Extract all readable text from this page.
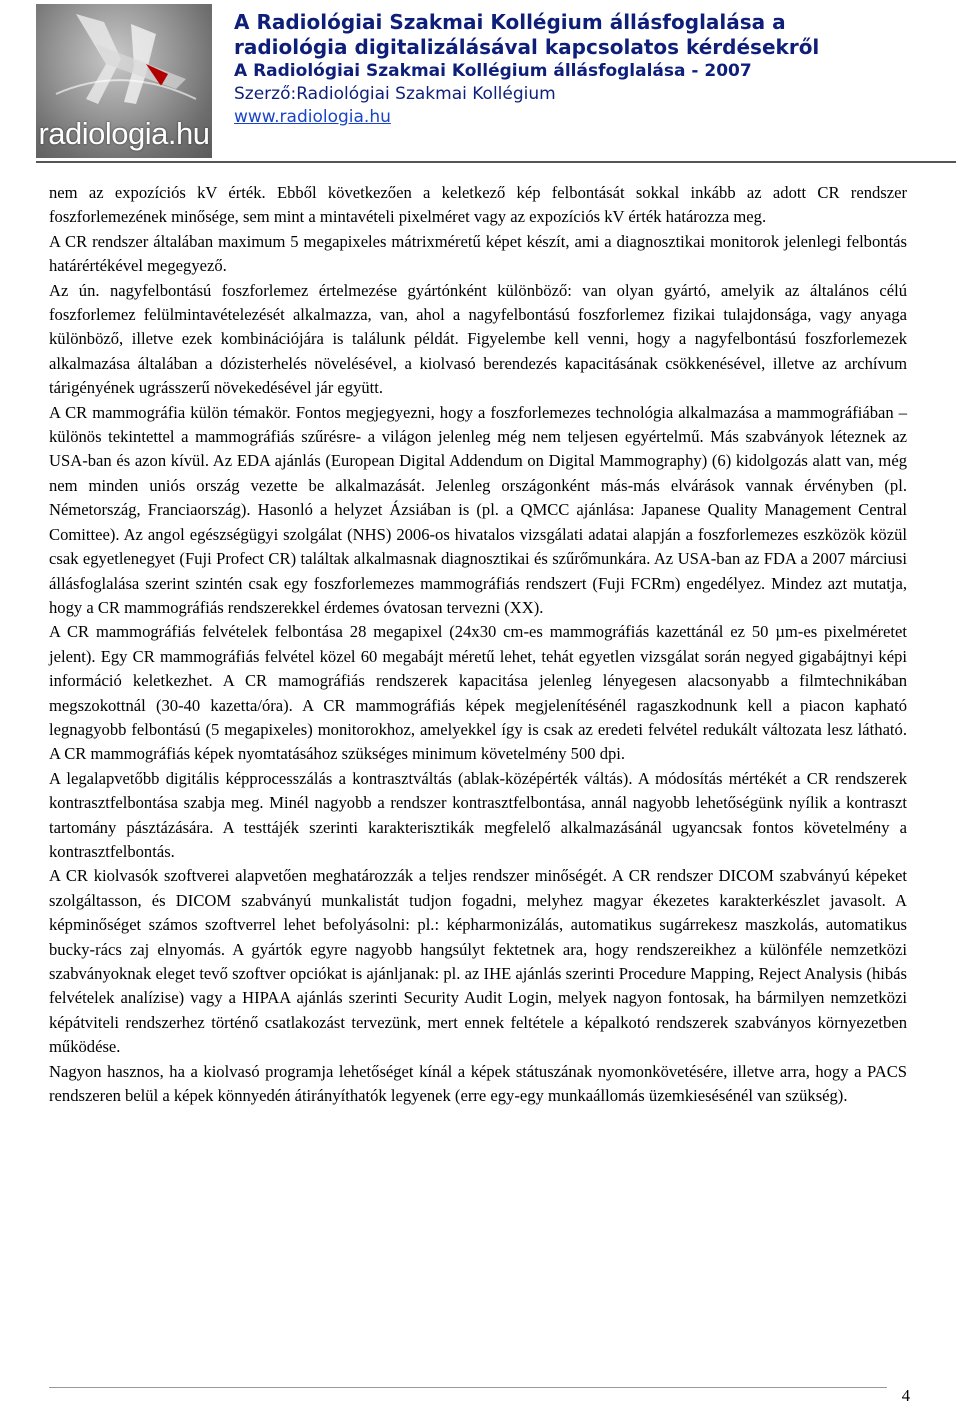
radiologia.hu
A Radiológiai Szakmai Kollégium állásfoglalása a
radiológia digitalizálásával kapcsolatos kérdésekről
A Radiológiai Szakmai Kollégium állásfoglalása - 2007
Szerző:Radiológiai Szakmai Kollégium
www.radiologia.hu

nem az expozíciós kV érték. Ebből következően a keletkező kép felbontását sokkal inkább az adott CR rendszer foszforlemezének minősége, sem mint a mintavételi pixelméret vagy az expozíciós kV érték határozza meg.

A CR rendszer általában maximum 5 megapixeles mátrixméretű képet készít, ami a diagnosztikai monitorok jelenlegi felbontás határértékével megegyező.

Az ún. nagyfelbontású foszforlemez értelmezése gyártónként különböző: van olyan gyártó, amelyik az általános célú foszforlemez felülmintavételezését alkalmazza, van, ahol a nagyfelbontású foszforlemez fizikai tulajdonsága, vagy anyaga különböző, illetve ezek kombinációjára is találunk példát. Figyelembe kell venni, hogy a nagyfelbontású foszforlemezek alkalmazása általában a dózisterhelés növelésével, a kiolvasó berendezés kapacitásának csökkenésével, illetve az archívum tárigényének ugrásszerű növekedésével jár együtt.

A CR mammográfia külön témakör. Fontos megjegyezni, hogy a foszforlemezes technológia alkalmazása a mammográfiában –különös tekintettel a mammográfiás szűrésre- a világon jelenleg még nem teljesen egyértelmű. Más szabványok léteznek az USA-ban és azon kívül. Az EDA ajánlás (European Digital Addendum on Digital Mammography) (6) kidolgozás alatt van, még nem minden uniós ország vezette be alkalmazását. Jelenleg országonként más-más elvárások vannak érvényben (pl. Németország, Franciaország). Hasonló a helyzet Ázsiában is (pl. a QMCC ajánlása: Japanese Quality Management Central Comittee). Az angol egészségügyi szolgálat (NHS) 2006-os hivatalos vizsgálati adatai alapján a foszforlemezes eszközök közül csak egyetlenegyet (Fuji Profect CR) találtak alkalmasnak diagnosztikai és szűrőmunkára. Az USA-ban az FDA a 2007 márciusi állásfoglalása szerint szintén csak egy foszforlemezes mammográfiás rendszert (Fuji FCRm) engedélyez. Mindez azt mutatja, hogy a CR mammográfiás rendszerekkel érdemes óvatosan tervezni (XX).

A CR mammográfiás felvételek felbontása 28 megapixel (24x30 cm-es mammográfiás kazettánál ez 50 µm-es pixelméretet jelent). Egy CR mammográfiás felvétel közel 60 megabájt méretű lehet, tehát egyetlen vizsgálat során negyed gigabájtnyi képi információ keletkezhet. A CR mamográfiás rendszerek kapacitása jelenleg lényegesen alacsonyabb a filmtechnikában megszokottnál (30-40 kazetta/óra). A CR mammográfiás képek megjelenítésénél ragaszkodnunk kell a piacon kapható legnagyobb felbontású (5 megapixeles) monitorokhoz, amelyekkel így is csak az eredeti felvétel redukált változata lesz látható. A CR mammográfiás képek nyomtatásához szükséges minimum követelmény 500 dpi.

A legalapvetőbb digitális képprocesszálás a kontrasztváltás (ablak-középérték váltás). A módosítás mértékét a CR rendszerek kontrasztfelbontása szabja meg. Minél nagyobb a rendszer kontrasztfelbontása, annál nagyobb lehetőségünk nyílik a kontraszt tartomány pásztázására. A testtájék szerinti karakterisztikák megfelelő alkalmazásánál ugyancsak fontos követelmény a kontrasztfelbontás.

A CR kiolvasók szoftverei alapvetően meghatározzák a teljes rendszer minőségét. A CR rendszer DICOM szabványú képeket szolgáltasson, és DICOM szabványú munkalistát tudjon fogadni, melyhez magyar ékezetes karakterkészlet javasolt. A képminőséget számos szoftverrel lehet befolyásolni: pl.: képharmonizálás, automatikus sugárrekesz maszkolás, automatikus bucky-rács zaj elnyomás. A gyártók egyre nagyobb hangsúlyt fektetnek ara, hogy rendszereikhez a különféle nemzetközi szabványoknak eleget tevő szoftver opciókat is ajánljanak: pl. az IHE ajánlás szerinti Procedure Mapping, Reject Analysis (hibás felvételek analízise) vagy a HIPAA ajánlás szerinti Security Audit Login, melyek nagyon fontosak, ha bármilyen nemzetközi képátviteli rendszerhez történő csatlakozást tervezünk, mert ennek feltétele a képalkotó rendszerek szabványos környezetben működése.

Nagyon hasznos, ha a kiolvasó programja lehetőséget kínál a képek státuszának nyomonkövetésére, illetve arra, hogy a PACS rendszeren belül a képek könnyedén átirányíthatók legyenek (erre egy-egy munkaállomás üzemkiesésénél van szükség).

4
